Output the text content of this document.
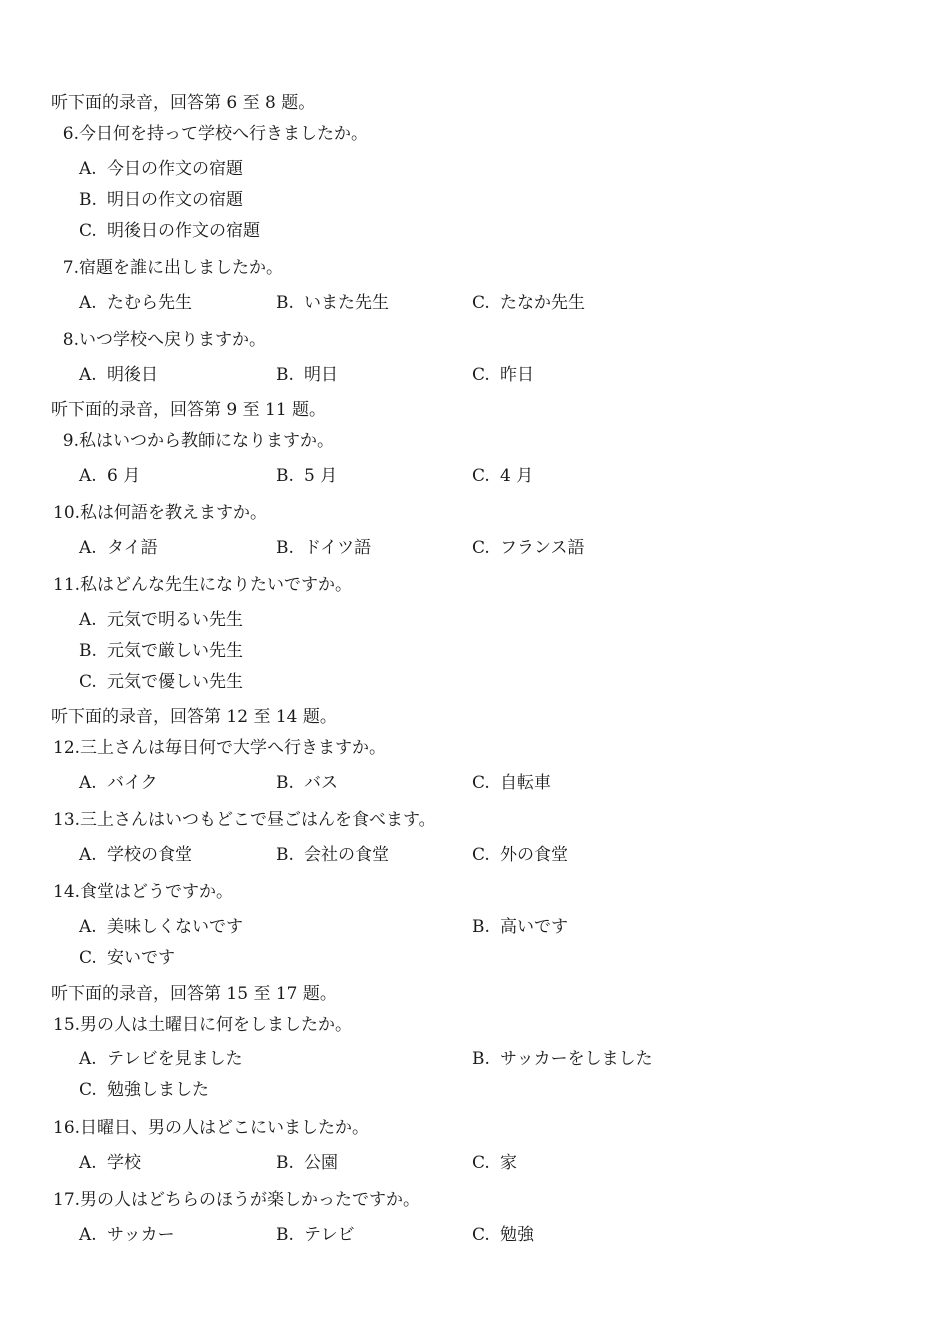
听下面的录音，回答第 6 至 8 题。
6.今日何を持って学校へ行きましたか。
A. 今日の作文の宿題
B. 明日の作文の宿題
C. 明後日の作文の宿題
7.宿題を誰に出しましたか。
A. たむら先生	B. いまた先生	C. たなか先生
8.いつ学校へ戻りますか。
A. 明後日	B. 明日	C. 昨日
听下面的录音，回答第 9 至 11 题。
9.私はいつから教師になりますか。
A. 6 月	B. 5 月	C. 4 月
10.私は何語を教えますか。
A. タイ語	B. ドイツ語	C. フランス語
11.私はどんな先生になりたいですか。
A. 元気で明るい先生
B. 元気で厳しい先生
C. 元気で優しい先生
听下面的录音，回答第 12 至 14 题。
12.三上さんは毎日何で大学へ行きますか。
A. バイク	B. バス	C. 自転車
13.三上さんはいつもどこで昼ごはんを食べます。
A. 学校の食堂	B. 会社の食堂	C. 外の食堂
14.食堂はどうですか。
A. 美味しくないです	B. 高いです
C. 安いです
听下面的录音，回答第 15 至 17 题。
15.男の人は土曜日に何をしましたか。
A. テレビを見ました	B. サッカーをしました
C. 勉強しました
16.日曜日、男の人はどこにいましたか。
A. 学校	B. 公園	C. 家
17.男の人はどちらのほうが楽しかったですか。
A. サッカー	B. テレビ	C. 勉強
